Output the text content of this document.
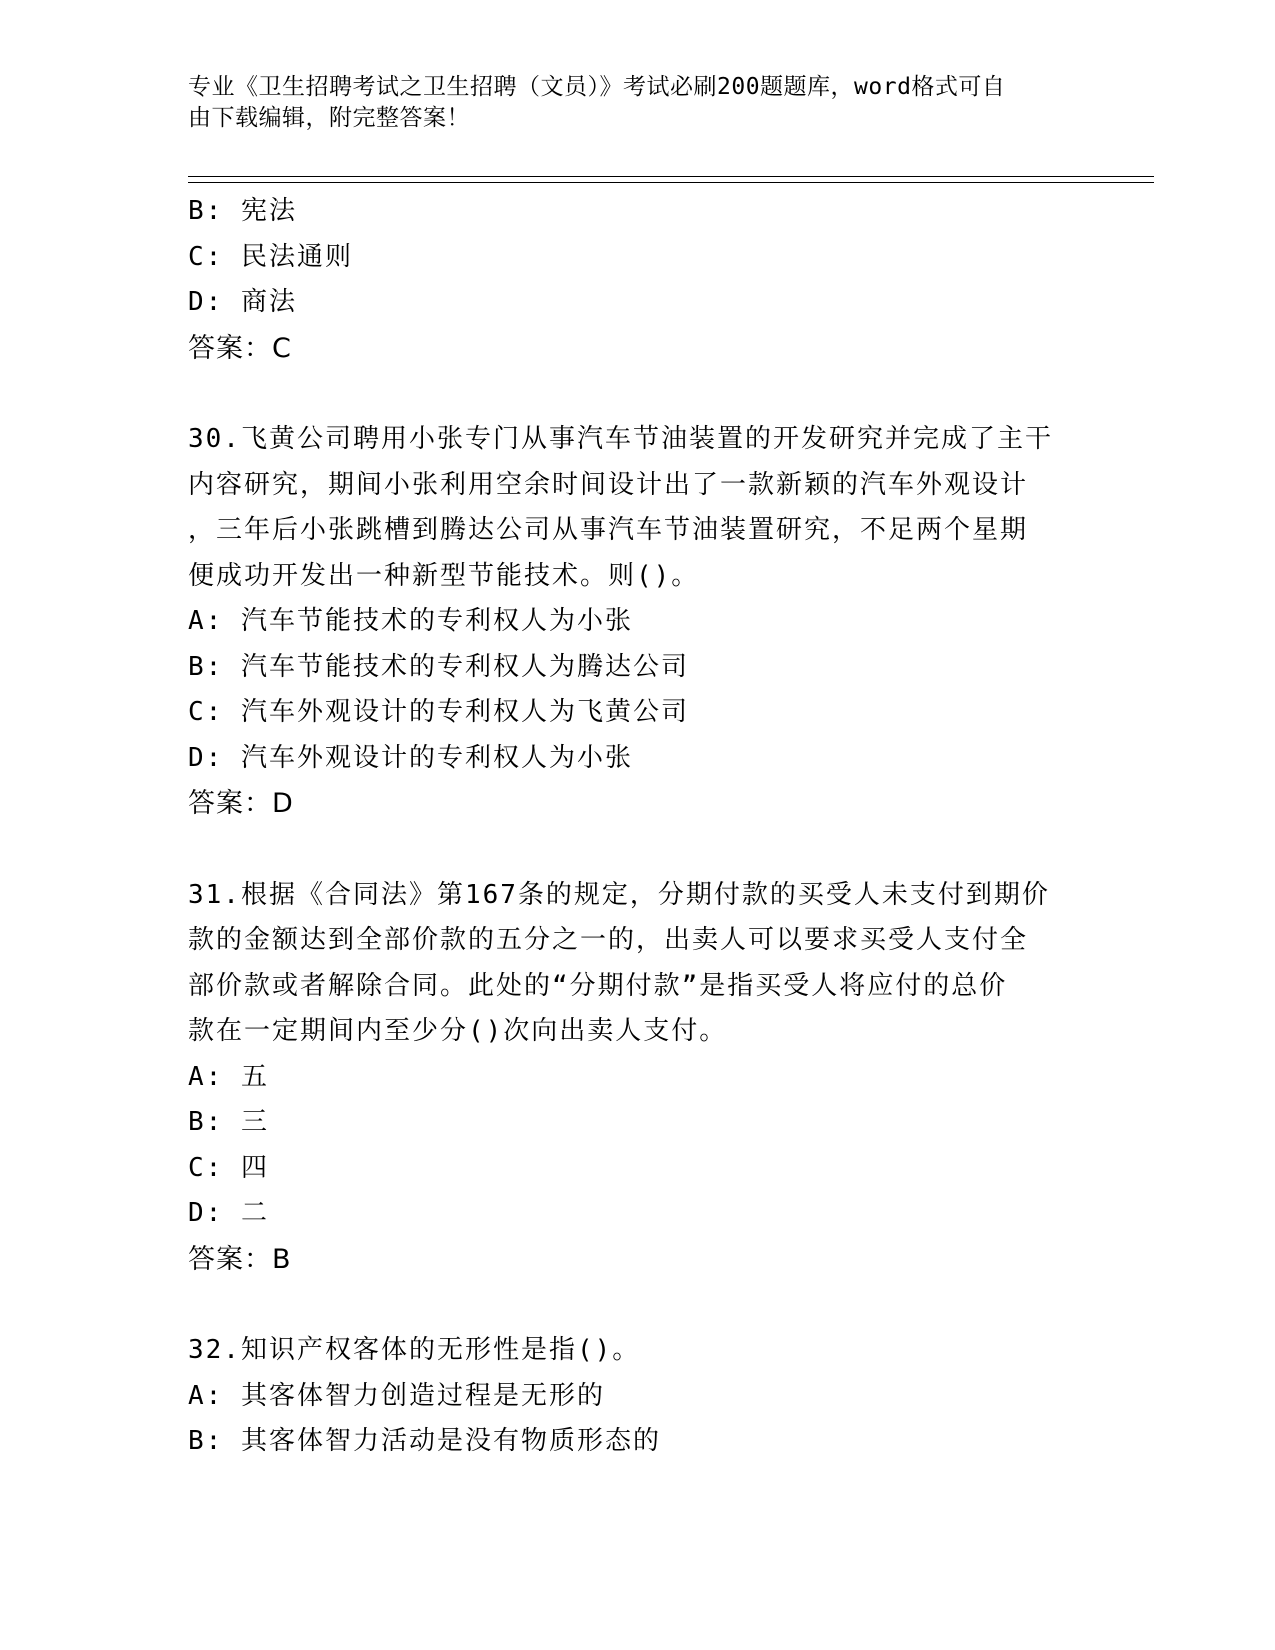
专业《卫生招聘考试之卫生招聘（文员）》考试必刷200题题库，word格式可自
由下载编辑，附完整答案！
B: 宪法
C: 民法通则
D: 商法
答案：C
30.飞黄公司聘用小张专门从事汽车节油装置的开发研究并完成了主干
内容研究，期间小张利用空余时间设计出了一款新颖的汽车外观设计
，三年后小张跳槽到腾达公司从事汽车节油装置研究，不足两个星期
便成功开发出一种新型节能技术。则()。
A: 汽车节能技术的专利权人为小张
B: 汽车节能技术的专利权人为腾达公司
C: 汽车外观设计的专利权人为飞黄公司
D: 汽车外观设计的专利权人为小张
答案：D
31.根据《合同法》第167条的规定，分期付款的买受人未支付到期价
款的金额达到全部价款的五分之一的，出卖人可以要求买受人支付全
部价款或者解除合同。此处的“分期付款”是指买受人将应付的总价
款在一定期间内至少分()次向出卖人支付。
A: 五
B: 三
C: 四
D: 二
答案：B
32.知识产权客体的无形性是指()。
A: 其客体智力创造过程是无形的
B: 其客体智力活动是没有物质形态的
